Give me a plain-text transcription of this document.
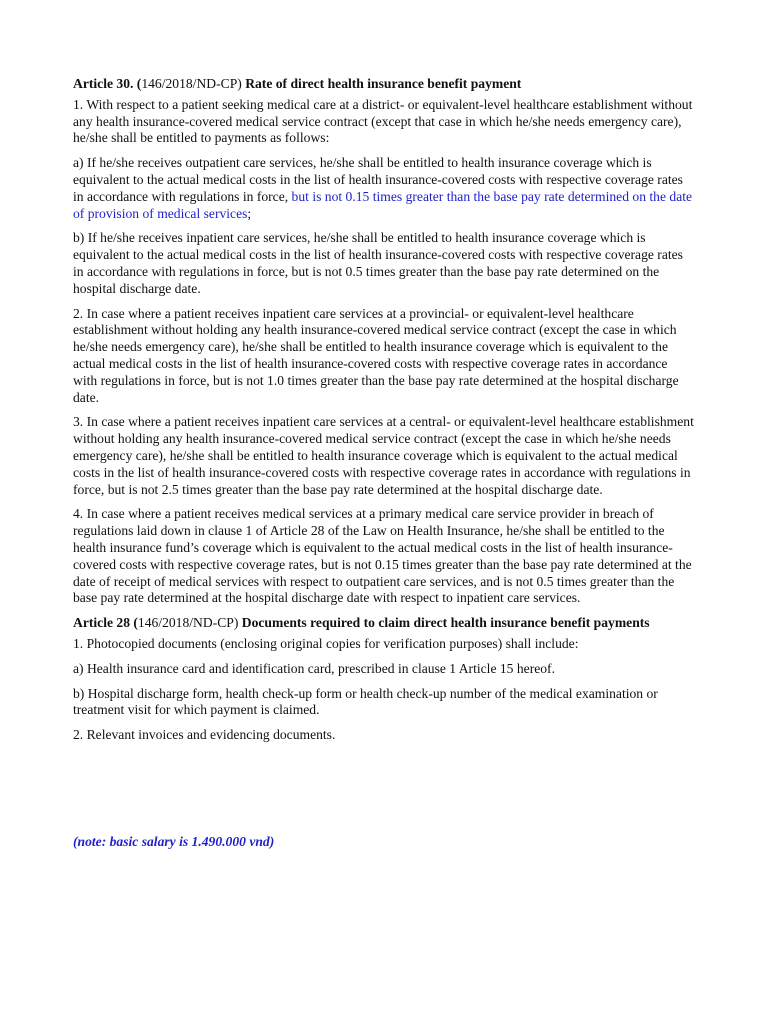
Article 30. (146/2018/ND-CP) Rate of direct health insurance benefit payment

1. With respect to a patient seeking medical care at a district- or equivalent-level healthcare establishment without any health insurance-covered medical service contract (except that case in which he/she needs emergency care), he/she shall be entitled to payments as follows:

a) If he/she receives outpatient care services, he/she shall be entitled to health insurance coverage which is equivalent to the actual medical costs in the list of health insurance-covered costs with respective coverage rates in accordance with regulations in force, but is not 0.15 times greater than the base pay rate determined on the date of provision of medical services;

b) If he/she receives inpatient care services, he/she shall be entitled to health insurance coverage which is equivalent to the actual medical costs in the list of health insurance-covered costs with respective coverage rates in accordance with regulations in force, but is not 0.5 times greater than the base pay rate determined on the hospital discharge date.

2. In case where a patient receives inpatient care services at a provincial- or equivalent-level healthcare establishment without holding any health insurance-covered medical service contract (except the case in which he/she needs emergency care), he/she shall be entitled to health insurance coverage which is equivalent to the actual medical costs in the list of health insurance-covered costs with respective coverage rates in accordance with regulations in force, but is not 1.0 times greater than the base pay rate determined at the hospital discharge date.

3. In case where a patient receives inpatient care services at a central- or equivalent-level healthcare establishment without holding any health insurance-covered medical service contract (except the case in which he/she needs emergency care), he/she shall be entitled to health insurance coverage which is equivalent to the actual medical costs in the list of health insurance-covered costs with respective coverage rates in accordance with regulations in force, but is not 2.5 times greater than the base pay rate determined at the hospital discharge date.

4. In case where a patient receives medical services at a primary medical care service provider in breach of regulations laid down in clause 1 of Article 28 of the Law on Health Insurance, he/she shall be entitled to the health insurance fund’s coverage which is equivalent to the actual medical costs in the list of health insurance-covered costs with respective coverage rates, but is not 0.15 times greater than the base pay rate determined at the date of receipt of medical services with respect to outpatient care services, and is not 0.5 times greater than the base pay rate determined at the hospital discharge date with respect to inpatient care services.

Article 28 (146/2018/ND-CP) Documents required to claim direct health insurance benefit payments

1. Photocopied documents (enclosing original copies for verification purposes) shall include:

a) Health insurance card and identification card, prescribed in clause 1 Article 15 hereof.

b) Hospital discharge form, health check-up form or health check-up number of the medical examination or treatment visit for which payment is claimed.

2. Relevant invoices and evidencing documents.

(note: basic salary is 1.490.000 vnd)
